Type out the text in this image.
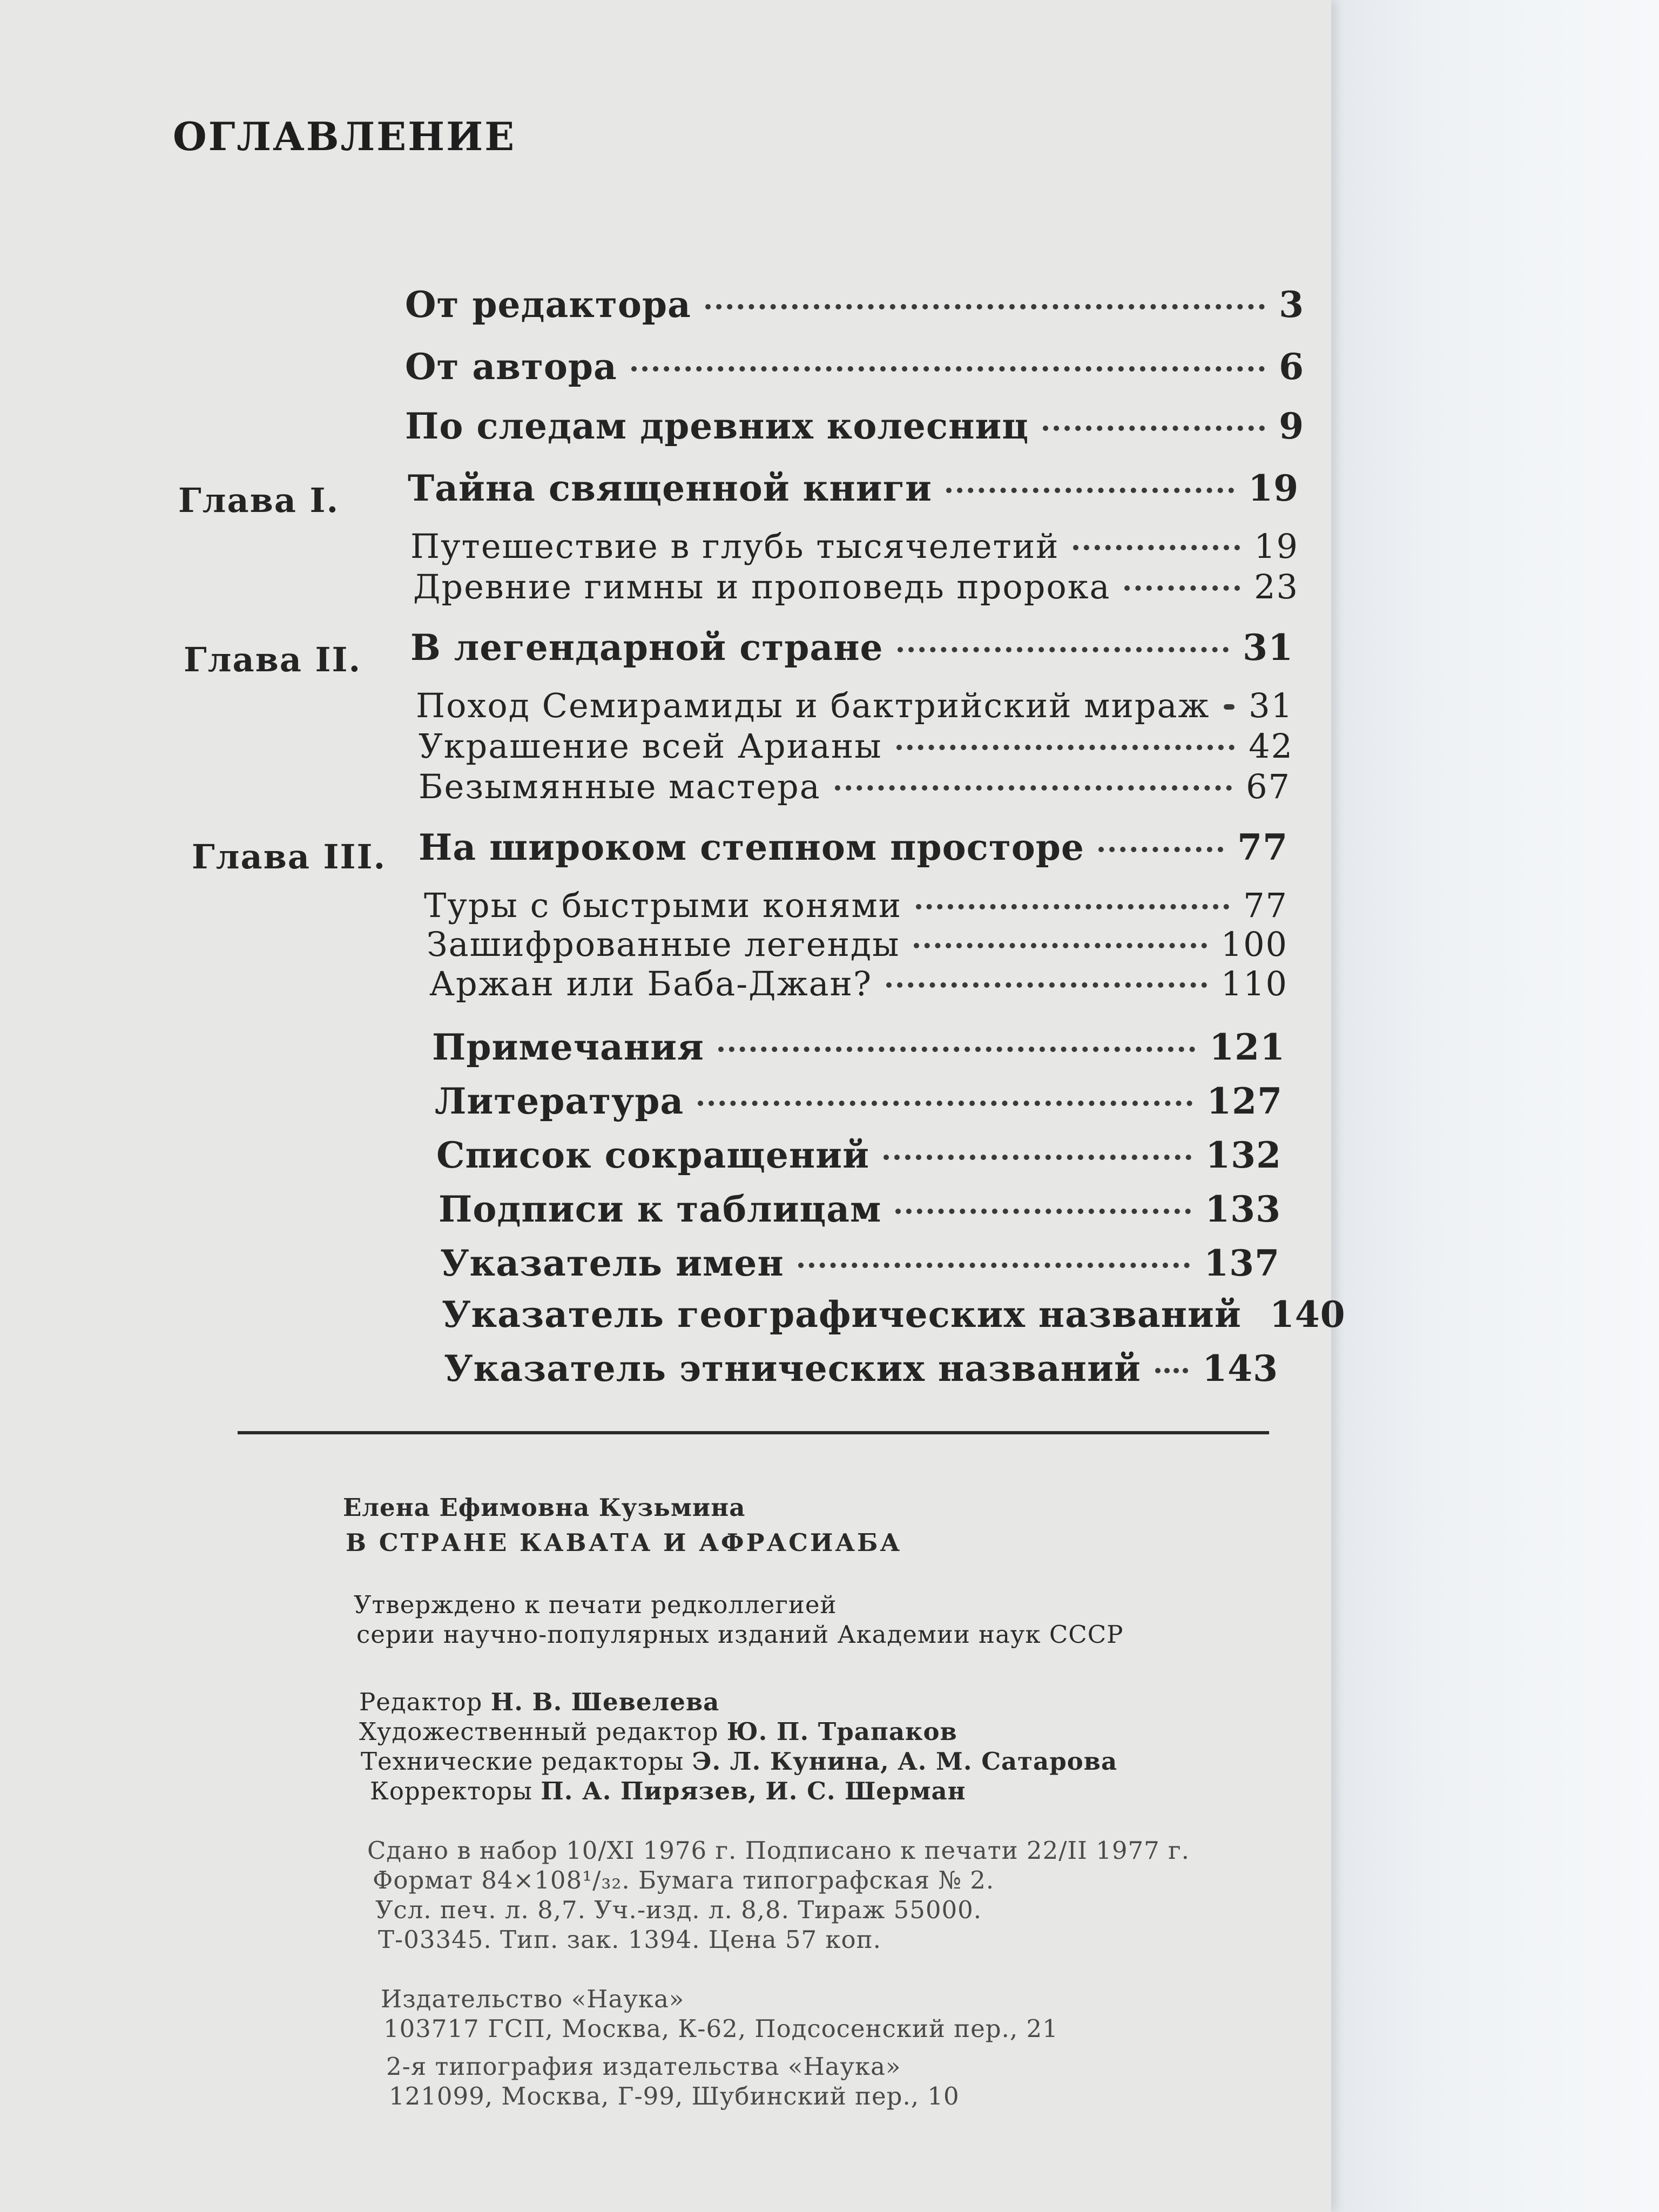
ОГЛАВЛЕНИЕ
От редактора	3
От автора	6
По следам древних колесниц	9
Глава I. Тайна священной книги	19
Путешествие в глубь тысячелетий	19
Древние гимны и проповедь пророка	23
Глава II. В легендарной стране	31
Поход Семирамиды и бактрийский мираж 31
Украшение всей Арианы	42
Безымянные мастера	67
Глава III. На широком степном просторе	77
Туры с быстрыми конями	77
Зашифрованные легенды	100
Аржан или Баба-Джан?	110
Примечания	121
Литература	127
Список сокращений	132
Подписи к таблицам	133
Указатель имен	137
Указатель географических названий 140
Указатель этнических названий 143
Елена Ефимовна Кузьмина
В СТРАНЕ КАВАТА И АФРАСИАБА
Утверждено к печати редколлегией
серии научно-популярных изданий Академии наук СССР
Редактор Н. В. Шевелева
Художественный редактор Ю. П. Трапаков
Технические редакторы Э. Л. Кунина, А. М. Сатарова
Корректоры П. А. Пирязев, И. С. Шерман
Сдано в набор 10/XI 1976 г. Подписано к печати 22/II 1977 г.
Формат 84×108¹/₃₂. Бумага типографская № 2.
Усл. печ. л. 8,7. Уч.-изд. л. 8,8. Тираж 55000.
Т-03345. Тип. зак. 1394. Цена 57 коп.
Издательство «Наука»
103717 ГСП, Москва, К-62, Подсосенский пер., 21
2-я типография издательства «Наука»
121099, Москва, Г-99, Шубинский пер., 10
